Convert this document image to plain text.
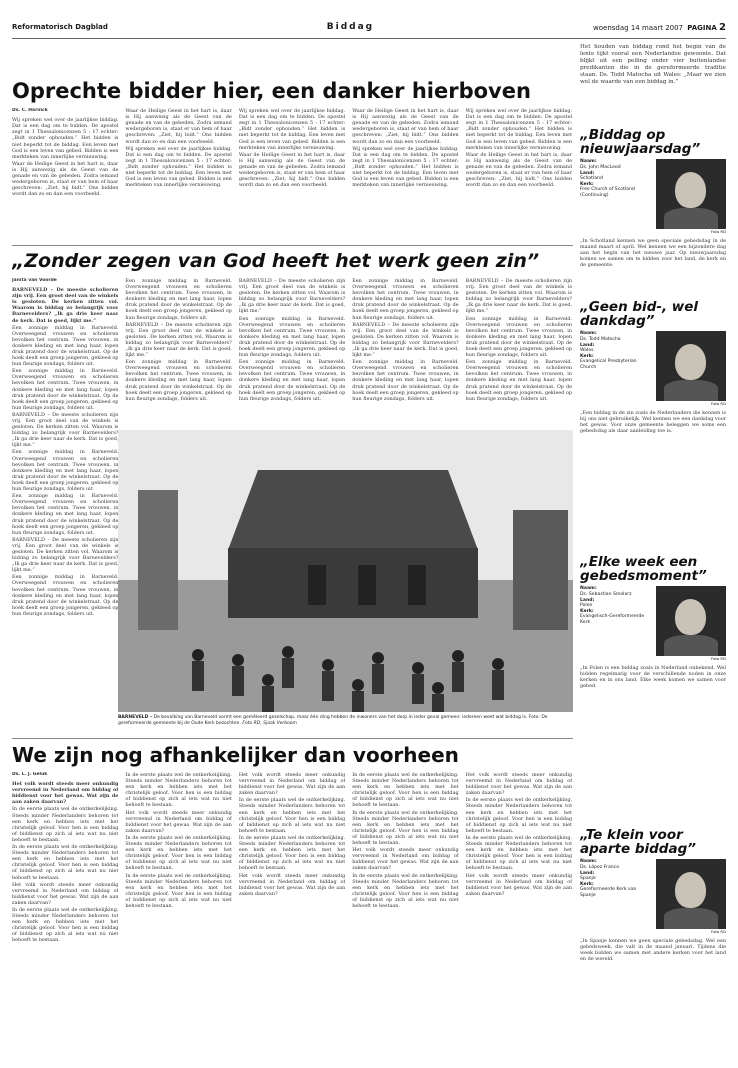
Reformatorisch Dagblad	Biddag	woensdag 14 maart 2007 PAGINA 2
Het houden van biddag rond het begin van de lente tijkt vooral een Nederlandse gewoonte. Dat blijkt uit een peiling onder vier buitenlandse predikanten die in de gereformeerde traditie staan. Ds. Todd Matocha uit Wales: „Maar we zien wel de waarde van een biddag in.”
Oprechte bidder hier, een danker hierboven
Ds. C. Harinck

Wij spreken wel over de jaarlijkse biddag. Dat is een dag om te bidden. De apostel zegt in 1 Thessalonicenzen 5 : 17 echter: „Bidt zonder ophouden.” Het bidden is niet beperkt tot de biddag. Een leven met God is een leven van gebed. Bidden is een merkteken van innerlijke vernieuwing.

Waar de Heilige Geest in het hart is, daar is Hij aanwezig als de Geest van de genade en van de gebeden. Zodra iemand wedergeboren is, staat er van hem of haar geschreven: „Ziet, hij bidt.” Ons bidden wordt dan zo en dan een voorbeeld.

Waar de Heilige Geest in het hart is, daar is Hij aanwezig als de Geest van de genade en van de gebeden. Zodra iemand wedergeboren is, staat er van hem of haar geschreven: „Ziet, hij bidt.” Ons bidden wordt dan zo en dan een voorbeeld.

Wij spreken wel over de jaarlijkse biddag. Dat is een dag om te bidden. De apostel zegt in 1 Thessalonicenzen 5 : 17 echter: „Bidt zonder ophouden.” Het bidden is niet beperkt tot de biddag. Een leven met God is een leven van gebed. Bidden is een merkteken van innerlijke vernieuwing.

Wij spreken wel over de jaarlijkse biddag. Dat is een dag om te bidden. De apostel zegt in 1 Thessalonicenzen 5 : 17 echter: „Bidt zonder ophouden.” Het bidden is niet beperkt tot de biddag. Een leven met God is een leven van gebed. Bidden is een merkteken van innerlijke vernieuwing.

Waar de Heilige Geest in het hart is, daar is Hij aanwezig als de Geest van de genade en van de gebeden. Zodra iemand wedergeboren is, staat er van hem of haar geschreven: „Ziet, hij bidt.” Ons bidden wordt dan zo en dan een voorbeeld.

Waar de Heilige Geest in het hart is, daar is Hij aanwezig als de Geest van de genade en van de gebeden. Zodra iemand wedergeboren is, staat er van hem of haar geschreven: „Ziet, hij bidt.” Ons bidden wordt dan zo en dan een voorbeeld.

Wij spreken wel over de jaarlijkse biddag. Dat is een dag om te bidden. De apostel zegt in 1 Thessalonicenzen 5 : 17 echter: „Bidt zonder ophouden.” Het bidden is niet beperkt tot de biddag. Een leven met God is een leven van gebed. Bidden is een merkteken van innerlijke vernieuwing.

Wij spreken wel over de jaarlijkse biddag. Dat is een dag om te bidden. De apostel zegt in 1 Thessalonicenzen 5 : 17 echter: „Bidt zonder ophouden.” Het bidden is niet beperkt tot de biddag. Een leven met God is een leven van gebed. Bidden is een merkteken van innerlijke vernieuwing.

Waar de Heilige Geest in het hart is, daar is Hij aanwezig als de Geest van de genade en van de gebeden. Zodra iemand wedergeboren is, staat er van hem of haar geschreven: „Ziet, hij bidt.” Ons bidden wordt dan zo en dan een voorbeeld.

„Biddag op nieuwjaarsdag”
Naam:
Ds. John MacLeod
Land:
Schotland
Kerk:
Free Church of Scotland (Continuing)
Foto RD
„In Schotland kennen we geen speciale gebedsdag in de maand maart of april. Wel kennen we een bijzondere dag aan het begin van het nieuwe jaar. Op nieuwjaarsdag komen we samen om te bidden voor het land, de kerk en de gemeente.
„Zonder zegen van God heeft het werk geen zin”
Janita van Voorde

BARNEVELD – De meeste scholieren zijn vrij. Een groot deel van de winkels is gesloten. De kerken zitten vol. Waarom is biddag zo belangrijk voor Barnevelders? „Ik ga drie keer naar de kerk. Dat is goed, lijkt me.”

Een zonnige middag in Barneveld. Overweegend vrouwen en scholieren bevolken het centrum. Twee vrouwen, in donkere kleding en met lang haar, lopen druk pratend door de winkelstraat. Op de hoek deelt een groep jongeren, gekleed op hun fleurige zondags, folders uit.

Een zonnige middag in Barneveld. Overweegend vrouwen en scholieren bevolken het centrum. Twee vrouwen, in donkere kleding en met lang haar, lopen druk pratend door de winkelstraat. Op de hoek deelt een groep jongeren, gekleed op hun fleurige zondags, folders uit.

BARNEVELD – De meeste scholieren zijn vrij. Een groot deel van de winkels is gesloten. De kerken zitten vol. Waarom is biddag zo belangrijk voor Barnevelders? „Ik ga drie keer naar de kerk. Dat is goed, lijkt me.”

Een zonnige middag in Barneveld. Overweegend vrouwen en scholieren bevolken het centrum. Twee vrouwen, in donkere kleding en met lang haar, lopen druk pratend door de winkelstraat. Op de hoek deelt een groep jongeren, gekleed op hun fleurige zondags, folders uit.

Een zonnige middag in Barneveld. Overweegend vrouwen en scholieren bevolken het centrum. Twee vrouwen, in donkere kleding en met lang haar, lopen druk pratend door de winkelstraat. Op de hoek deelt een groep jongeren, gekleed op hun fleurige zondags, folders uit.

BARNEVELD – De meeste scholieren zijn vrij. Een groot deel van de winkels is gesloten. De kerken zitten vol. Waarom is biddag zo belangrijk voor Barnevelders? „Ik ga drie keer naar de kerk. Dat is goed, lijkt me.”

Een zonnige middag in Barneveld. Overweegend vrouwen en scholieren bevolken het centrum. Twee vrouwen, in donkere kleding en met lang haar, lopen druk pratend door de winkelstraat. Op de hoek deelt een groep jongeren, gekleed op hun fleurige zondags, folders uit.

Een zonnige middag in Barneveld. Overweegend vrouwen en scholieren bevolken het centrum. Twee vrouwen, in donkere kleding en met lang haar, lopen druk pratend door de winkelstraat. Op de hoek deelt een groep jongeren, gekleed op hun fleurige zondags, folders uit.

BARNEVELD – De meeste scholieren zijn vrij. Een groot deel van de winkels is gesloten. De kerken zitten vol. Waarom is biddag zo belangrijk voor Barnevelders? „Ik ga drie keer naar de kerk. Dat is goed, lijkt me.”

Een zonnige middag in Barneveld. Overweegend vrouwen en scholieren bevolken het centrum. Twee vrouwen, in donkere kleding en met lang haar, lopen druk pratend door de winkelstraat. Op de hoek deelt een groep jongeren, gekleed op hun fleurige zondags, folders uit.

BARNEVELD – De meeste scholieren zijn vrij. Een groot deel van de winkels is gesloten. De kerken zitten vol. Waarom is biddag zo belangrijk voor Barnevelders? „Ik ga drie keer naar de kerk. Dat is goed, lijkt me.”

Een zonnige middag in Barneveld. Overweegend vrouwen en scholieren bevolken het centrum. Twee vrouwen, in donkere kleding en met lang haar, lopen druk pratend door de winkelstraat. Op de hoek deelt een groep jongeren, gekleed op hun fleurige zondags, folders uit.

Een zonnige middag in Barneveld. Overweegend vrouwen en scholieren bevolken het centrum. Twee vrouwen, in donkere kleding en met lang haar, lopen druk pratend door de winkelstraat. Op de hoek deelt een groep jongeren, gekleed op hun fleurige zondags, folders uit.

Een zonnige middag in Barneveld. Overweegend vrouwen en scholieren bevolken het centrum. Twee vrouwen, in donkere kleding en met lang haar, lopen druk pratend door de winkelstraat. Op de hoek deelt een groep jongeren, gekleed op hun fleurige zondags, folders uit.

BARNEVELD – De meeste scholieren zijn vrij. Een groot deel van de winkels is gesloten. De kerken zitten vol. Waarom is biddag zo belangrijk voor Barnevelders? „Ik ga drie keer naar de kerk. Dat is goed, lijkt me.”

Een zonnige middag in Barneveld. Overweegend vrouwen en scholieren bevolken het centrum. Twee vrouwen, in donkere kleding en met lang haar, lopen druk pratend door de winkelstraat. Op de hoek deelt een groep jongeren, gekleed op hun fleurige zondags, folders uit.

BARNEVELD – De meeste scholieren zijn vrij. Een groot deel van de winkels is gesloten. De kerken zitten vol. Waarom is biddag zo belangrijk voor Barnevelders? „Ik ga drie keer naar de kerk. Dat is goed, lijkt me.”

Een zonnige middag in Barneveld. Overweegend vrouwen en scholieren bevolken het centrum. Twee vrouwen, in donkere kleding en met lang haar, lopen druk pratend door de winkelstraat. Op de hoek deelt een groep jongeren, gekleed op hun fleurige zondags, folders uit.

Een zonnige middag in Barneveld. Overweegend vrouwen en scholieren bevolken het centrum. Twee vrouwen, in donkere kleding en met lang haar, lopen druk pratend door de winkelstraat. Op de hoek deelt een groep jongeren, gekleed op hun fleurige zondags, folders uit.

BARNEVELD – De bevolking van Barneveld vormt een gemêleerd gezelschap, maar één ding hebben de inwoners van het dorp in ieder geval gemeen: iedereen weet wat biddag is. Foto: De gereformeerde gemeente bij de Oude Kerk bezochten. Foto RD, Sjaak Verboom
„Geen bid-, wel dankdag”
Naam:
Ds. Todd Matocha
Land:
Wales
Kerk:
Evangelical Presbyterian Church
Foto RD
„Een biddag in de zin zoals de Nederlanders die kennen is bij ons niet gebruikelijk. Wel kennen we een dankdag voor het gewas. Voor onze gemeente beleggen we soms een gebedsdag als daar aanleiding toe is.
„Elke week een gebedsmoment”
Naam:
Ds. Sebastian Smolarz
Land:
Polen
Kerk:
Evangelisch-Gereformeerde Kerk
Foto RD
„In Polen is een biddag zoals in Nederland onbekend. Wel bidden regelmatig voor de verschillende noden in onze kerken en in ons land. Elke week komen we samen voor gebed.
We zijn nog afhankelijker dan voorheen
Ds. L. J. Geluk

Het volk wordt steeds meer onkundig vervreemd in Nederland om biddag of biddienst voor het gewas. Wat zijn de aan zaken daarvan?

In de eerste plaats wel de ontkerkelijking. Steeds minder Nederlanders behoren tot een kerk en hebben iets met het christelijk geloof. Voor hen is een biddag of biddienst op zich al iets wat nu niet behoeft te bestaan.

In de eerste plaats wel de ontkerkelijking. Steeds minder Nederlanders behoren tot een kerk en hebben iets met het christelijk geloof. Voor hen is een biddag of biddienst op zich al iets wat nu niet behoeft te bestaan.

Het volk wordt steeds meer onkundig vervreemd in Nederland om biddag of biddienst voor het gewas. Wat zijn de aan zaken daarvan?

In de eerste plaats wel de ontkerkelijking. Steeds minder Nederlanders behoren tot een kerk en hebben iets met het christelijk geloof. Voor hen is een biddag of biddienst op zich al iets wat nu niet behoeft te bestaan.

In de eerste plaats wel de ontkerkelijking. Steeds minder Nederlanders behoren tot een kerk en hebben iets met het christelijk geloof. Voor hen is een biddag of biddienst op zich al iets wat nu niet behoeft te bestaan.

Het volk wordt steeds meer onkundig vervreemd in Nederland om biddag of biddienst voor het gewas. Wat zijn de aan zaken daarvan?

In de eerste plaats wel de ontkerkelijking. Steeds minder Nederlanders behoren tot een kerk en hebben iets met het christelijk geloof. Voor hen is een biddag of biddienst op zich al iets wat nu niet behoeft te bestaan.

In de eerste plaats wel de ontkerkelijking. Steeds minder Nederlanders behoren tot een kerk en hebben iets met het christelijk geloof. Voor hen is een biddag of biddienst op zich al iets wat nu niet behoeft te bestaan.

Het volk wordt steeds meer onkundig vervreemd in Nederland om biddag of biddienst voor het gewas. Wat zijn de aan zaken daarvan?

In de eerste plaats wel de ontkerkelijking. Steeds minder Nederlanders behoren tot een kerk en hebben iets met het christelijk geloof. Voor hen is een biddag of biddienst op zich al iets wat nu niet behoeft te bestaan.

In de eerste plaats wel de ontkerkelijking. Steeds minder Nederlanders behoren tot een kerk en hebben iets met het christelijk geloof. Voor hen is een biddag of biddienst op zich al iets wat nu niet behoeft te bestaan.

Het volk wordt steeds meer onkundig vervreemd in Nederland om biddag of biddienst voor het gewas. Wat zijn de aan zaken daarvan?

In de eerste plaats wel de ontkerkelijking. Steeds minder Nederlanders behoren tot een kerk en hebben iets met het christelijk geloof. Voor hen is een biddag of biddienst op zich al iets wat nu niet behoeft te bestaan.

In de eerste plaats wel de ontkerkelijking. Steeds minder Nederlanders behoren tot een kerk en hebben iets met het christelijk geloof. Voor hen is een biddag of biddienst op zich al iets wat nu niet behoeft te bestaan.

Het volk wordt steeds meer onkundig vervreemd in Nederland om biddag of biddienst voor het gewas. Wat zijn de aan zaken daarvan?

In de eerste plaats wel de ontkerkelijking. Steeds minder Nederlanders behoren tot een kerk en hebben iets met het christelijk geloof. Voor hen is een biddag of biddienst op zich al iets wat nu niet behoeft te bestaan.

Het volk wordt steeds meer onkundig vervreemd in Nederland om biddag of biddienst voor het gewas. Wat zijn de aan zaken daarvan?

In de eerste plaats wel de ontkerkelijking. Steeds minder Nederlanders behoren tot een kerk en hebben iets met het christelijk geloof. Voor hen is een biddag of biddienst op zich al iets wat nu niet behoeft te bestaan.

In de eerste plaats wel de ontkerkelijking. Steeds minder Nederlanders behoren tot een kerk en hebben iets met het christelijk geloof. Voor hen is een biddag of biddienst op zich al iets wat nu niet behoeft te bestaan.

Het volk wordt steeds meer onkundig vervreemd in Nederland om biddag of biddienst voor het gewas. Wat zijn de aan zaken daarvan?

„Te klein voor aparte biddag”
Naam:
Ds. López Franco
Land:
Spanje
Kerk:
Gereformeerde Kerk van Spanje
Foto RD
„In Spanje kennen we geen speciale gebedsdag. Wel een gebedsweek, die valt in de maand januari. Tijdens die week bidden we samen met andere kerken voor het land en de wereld.
